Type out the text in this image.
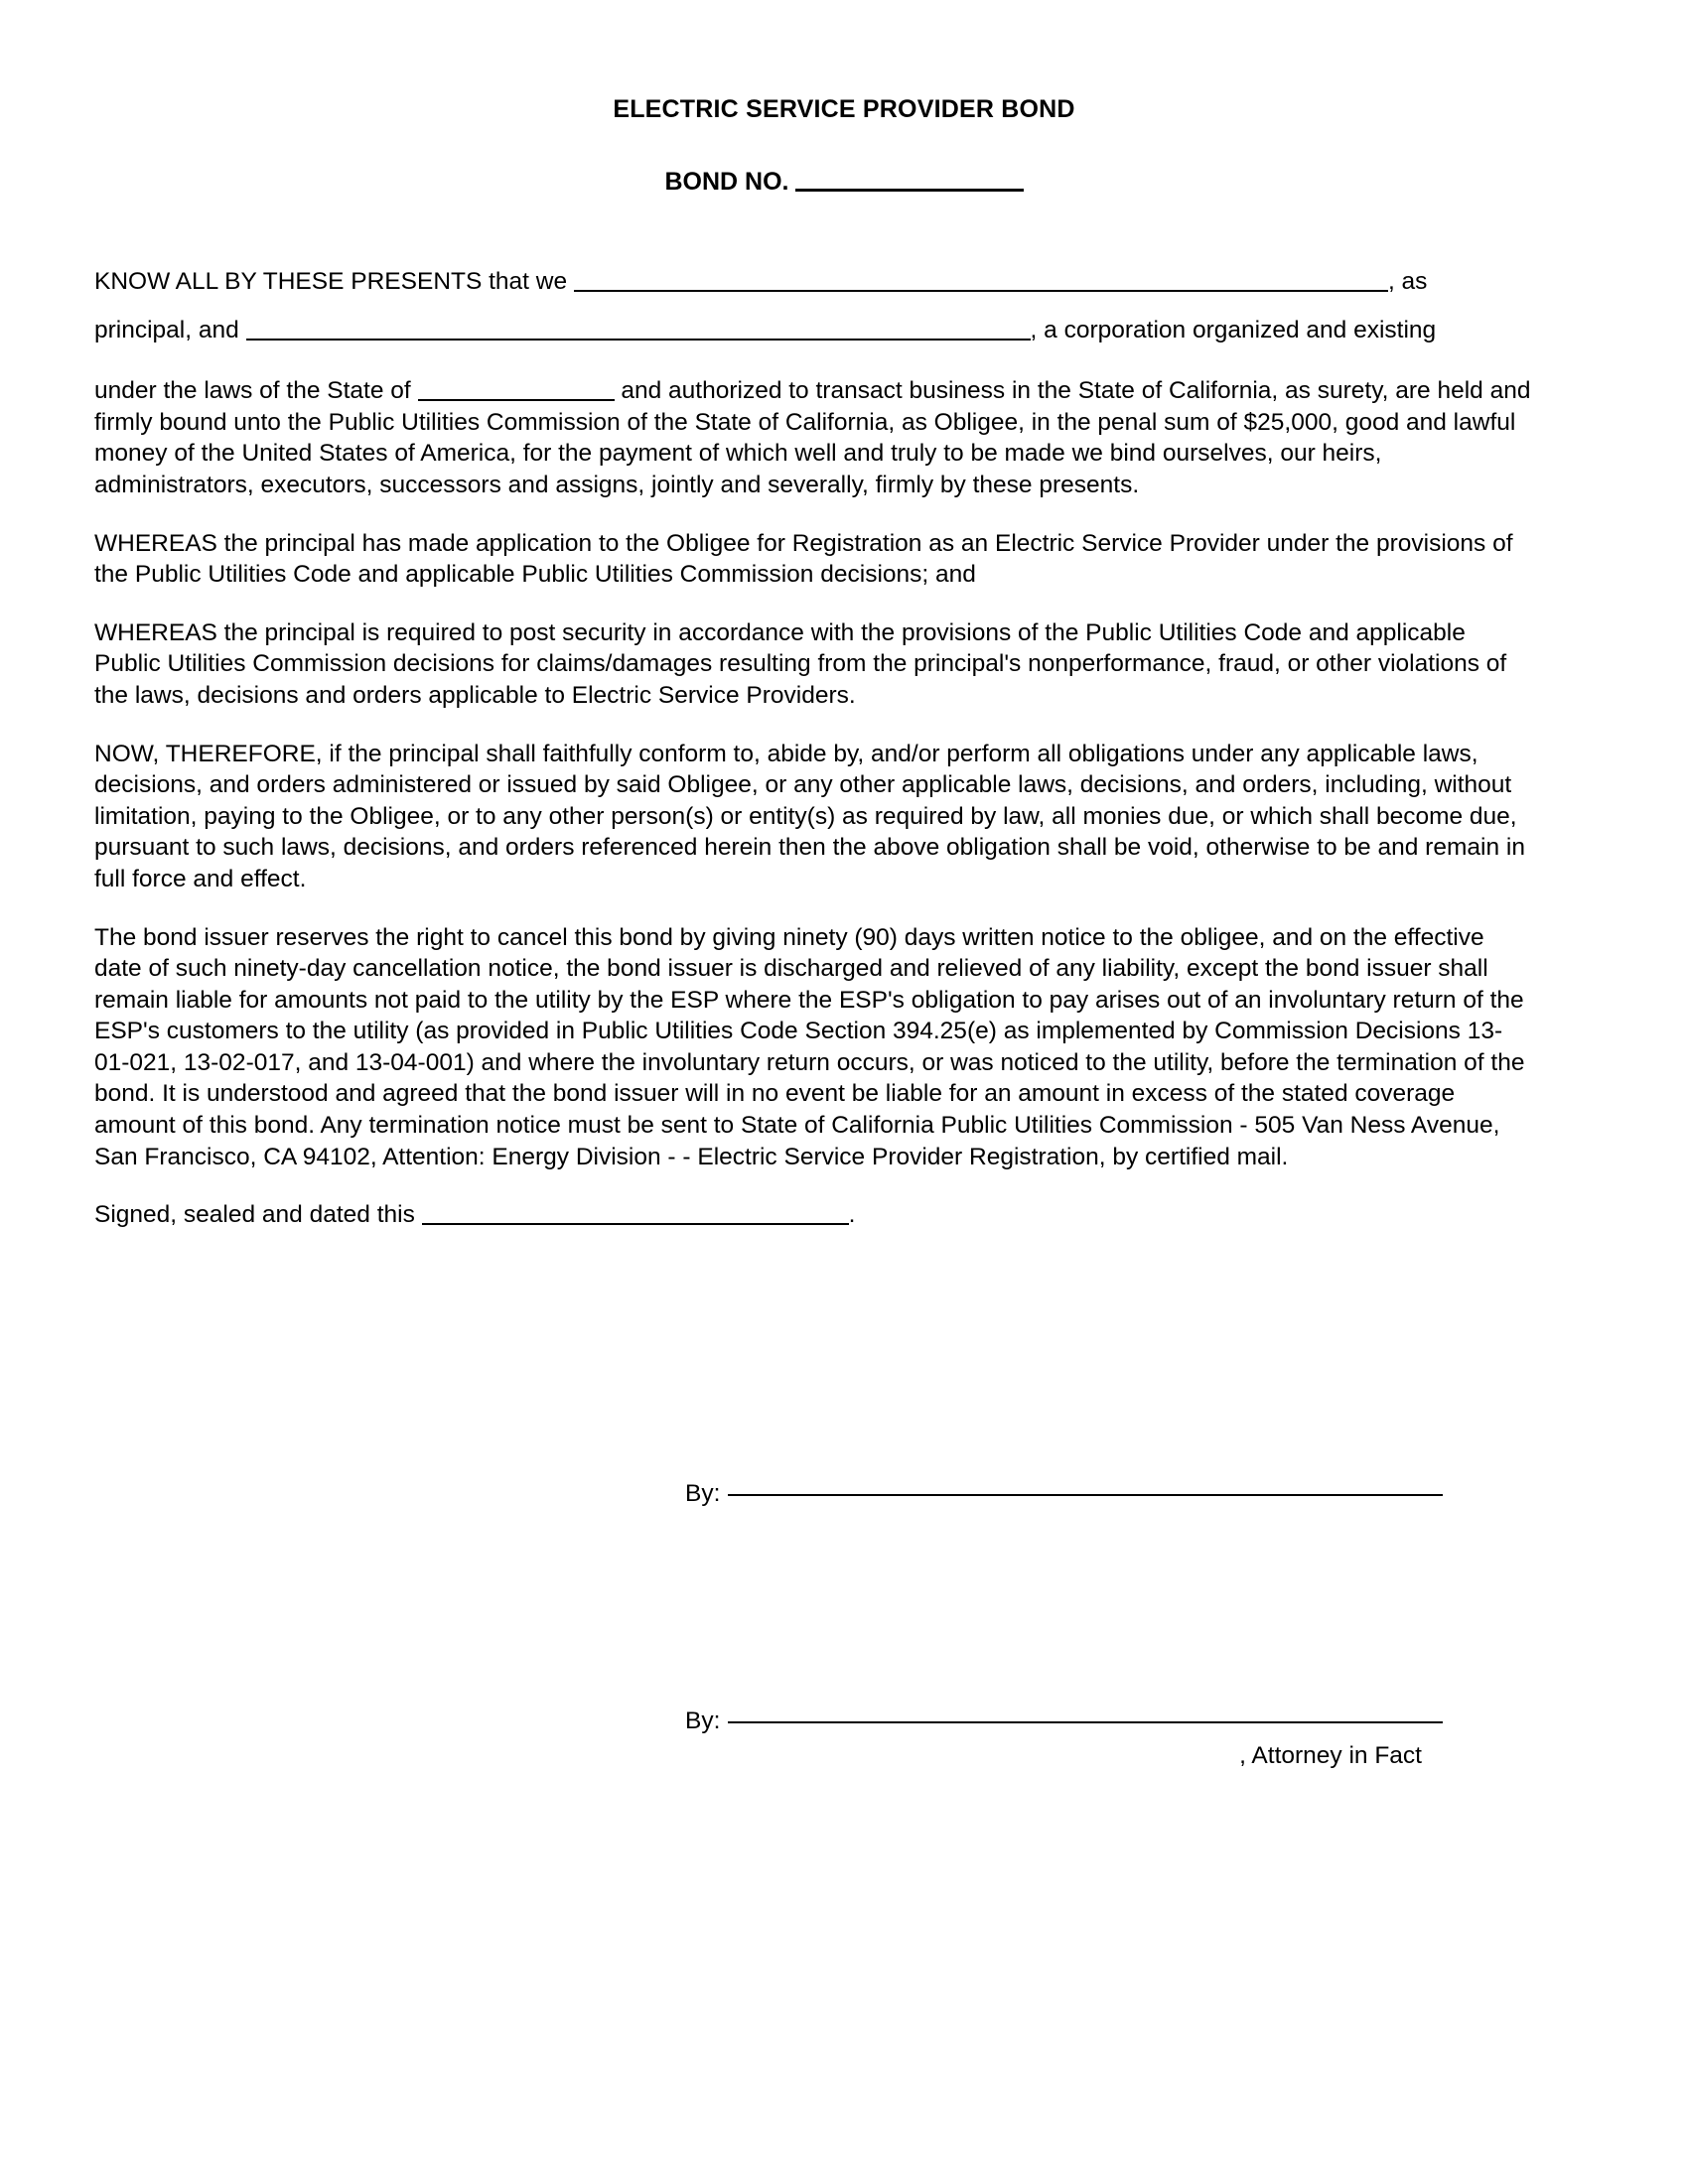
ELECTRIC SERVICE PROVIDER BOND
BOND NO.
KNOW ALL BY THESE PRESENTS that we	, as
principal, and	, a corporation organized and existing

under the laws of the State of	and authorized to transact business in the State of California, as surety, are held and firmly bound unto the Public Utilities Commission of the State of California, as Obligee, in the penal sum of $25,000, good and lawful money of the United States of America, for the payment of which well and truly to be made we bind ourselves, our heirs, administrators, executors, successors and assigns, jointly and severally, firmly by these presents.

WHEREAS the principal has made application to the Obligee for Registration as an Electric Service Provider under the provisions of the Public Utilities Code and applicable Public Utilities Commission decisions; and

WHEREAS the principal is required to post security in accordance with the provisions of the Public Utilities Code and applicable Public Utilities Commission decisions for claims/damages resulting from the principal's nonperformance, fraud, or other violations of the laws, decisions and orders applicable to Electric Service Providers.

NOW, THEREFORE, if the principal shall faithfully conform to, abide by, and/or perform all obligations under any applicable laws, decisions, and orders administered or issued by said Obligee, or any other applicable laws, decisions, and orders, including, without limitation, paying to the Obligee, or to any other person(s) or entity(s) as required by law, all monies due, or which shall become due, pursuant to such laws, decisions, and orders referenced herein then the above obligation shall be void, otherwise to be and remain in full force and effect.

The bond issuer reserves the right to cancel this bond by giving ninety (90) days written notice to the obligee, and on the effective date of such ninety-day cancellation notice, the bond issuer is discharged and relieved of any liability, except the bond issuer shall remain liable for amounts not paid to the utility by the ESP where the ESP's obligation to pay arises out of an involuntary return of the ESP's customers to the utility (as provided in Public Utilities Code Section 394.25(e) as implemented by Commission Decisions 13-01-021, 13-02-017, and 13-04-001) and where the involuntary return occurs, or was noticed to the utility, before the termination of the bond. It is understood and agreed that the bond issuer will in no event be liable for an amount in excess of the stated coverage amount of this bond. Any termination notice must be sent to State of California Public Utilities Commission - 505 Van Ness Avenue, San Francisco, CA 94102, Attention: Energy Division - - Electric Service Provider Registration, by certified mail.

Signed, sealed and dated this	.
By:
By:
, Attorney in Fact
